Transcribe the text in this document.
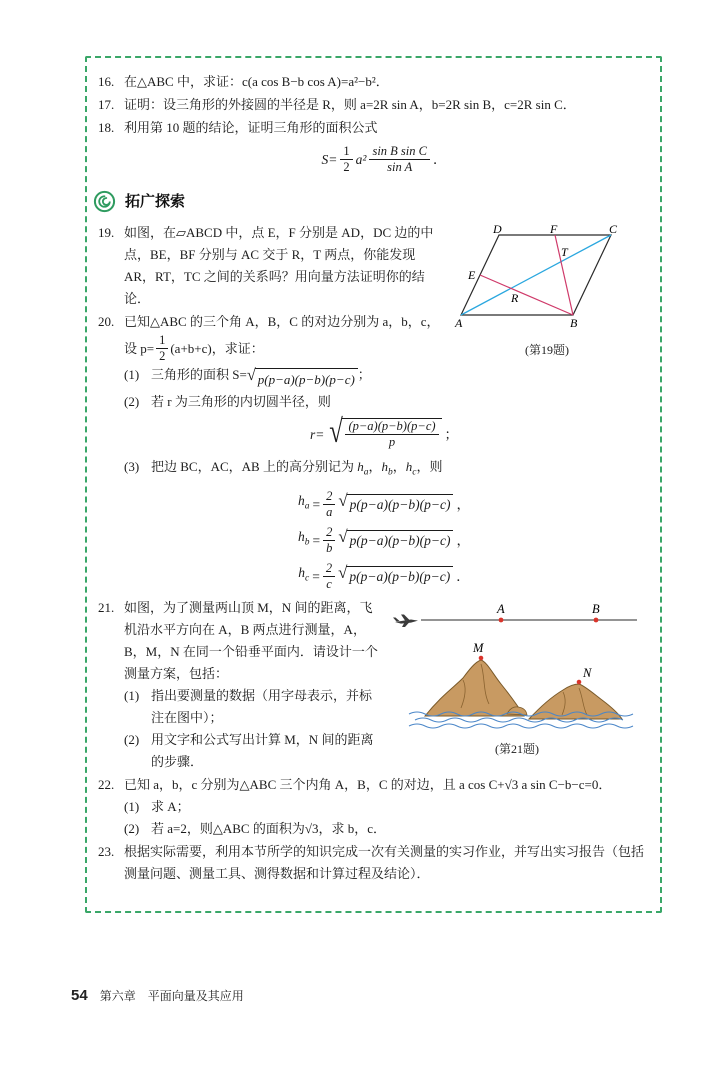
16. 在△ABC 中，求证：c(a cos B−b cos A)=a²−b²．
17. 证明：设三角形的外接圆的半径是 R，则 a=2R sin A，b=2R sin B，c=2R sin C．
18. 利用第 10 题的结论，证明三角形的面积公式
$S= \frac{1}{2} a^2 \frac{\text{sin B sin C}}{\text{sin A}}$ ．
拓广探索
19.
A	B
C
D
E
F
R
T
(第19题)
如图，在▱ABCD 中，点 E，F 分别是 AD，DC 边的中点，BE，BF 分别与 AC 交于 R，T 两点，你能发现 AR，RT，TC 之间的关系吗？用向量方法证明你的结论．
20. 已知△ABC 的三个角 A，B，C 的对边分别为 a，b，c，
设 $p= \frac{1}{2} (a+b+c)$，求证：
(1) 三角形的面积 S= √ p(p−a)(p−b)(p−c) ；
(2) 若 r 为三角形的内切圆半径，则
r= √ $\frac{(p-a)(p-b)(p-c)}{p}$ ；
(3) 把边 BC，AC，AB 上的高分别记为 $h_a$，$h_b$，$h_c$，则
$h_a = \frac{2}{a}$ √ p(p−a)(p−b)(p−c) ，
$h_b = \frac{2}{b}$ √ p(p−a)(p−b)(p−c) ，
$h_c = \frac{2}{c}$ √ p(p−a)(p−b)(p−c) ．
21.	A	B
M
N
(第21题)
如图，为了测量两山顶 M，N 间的距离，飞机沿水平方向在 A，B 两点进行测量，A，B，M，N 在同一个铅垂平面内．请设计一个测量方案，包括：
(1) 指出要测量的数据（用字母表示，并标注在图中）；
(2) 用文字和公式写出计算 M，N 间的距离的步骤．
22. 已知 a，b，c 分别为△ABC 三个内角 A，B，C 的对边，且 a cos C+√3 a sin C−b−c=0．
(1) 求 A；
(2) 若 a=2，则△ABC 的面积为√3，求 b，c．
23. 根据实际需要，利用本节所学的知识完成一次有关测量的实习作业，并写出实习报告（包括测量问题、测量工具、测得数据和计算过程及结论）．
54 第六章　平面向量及其应用
